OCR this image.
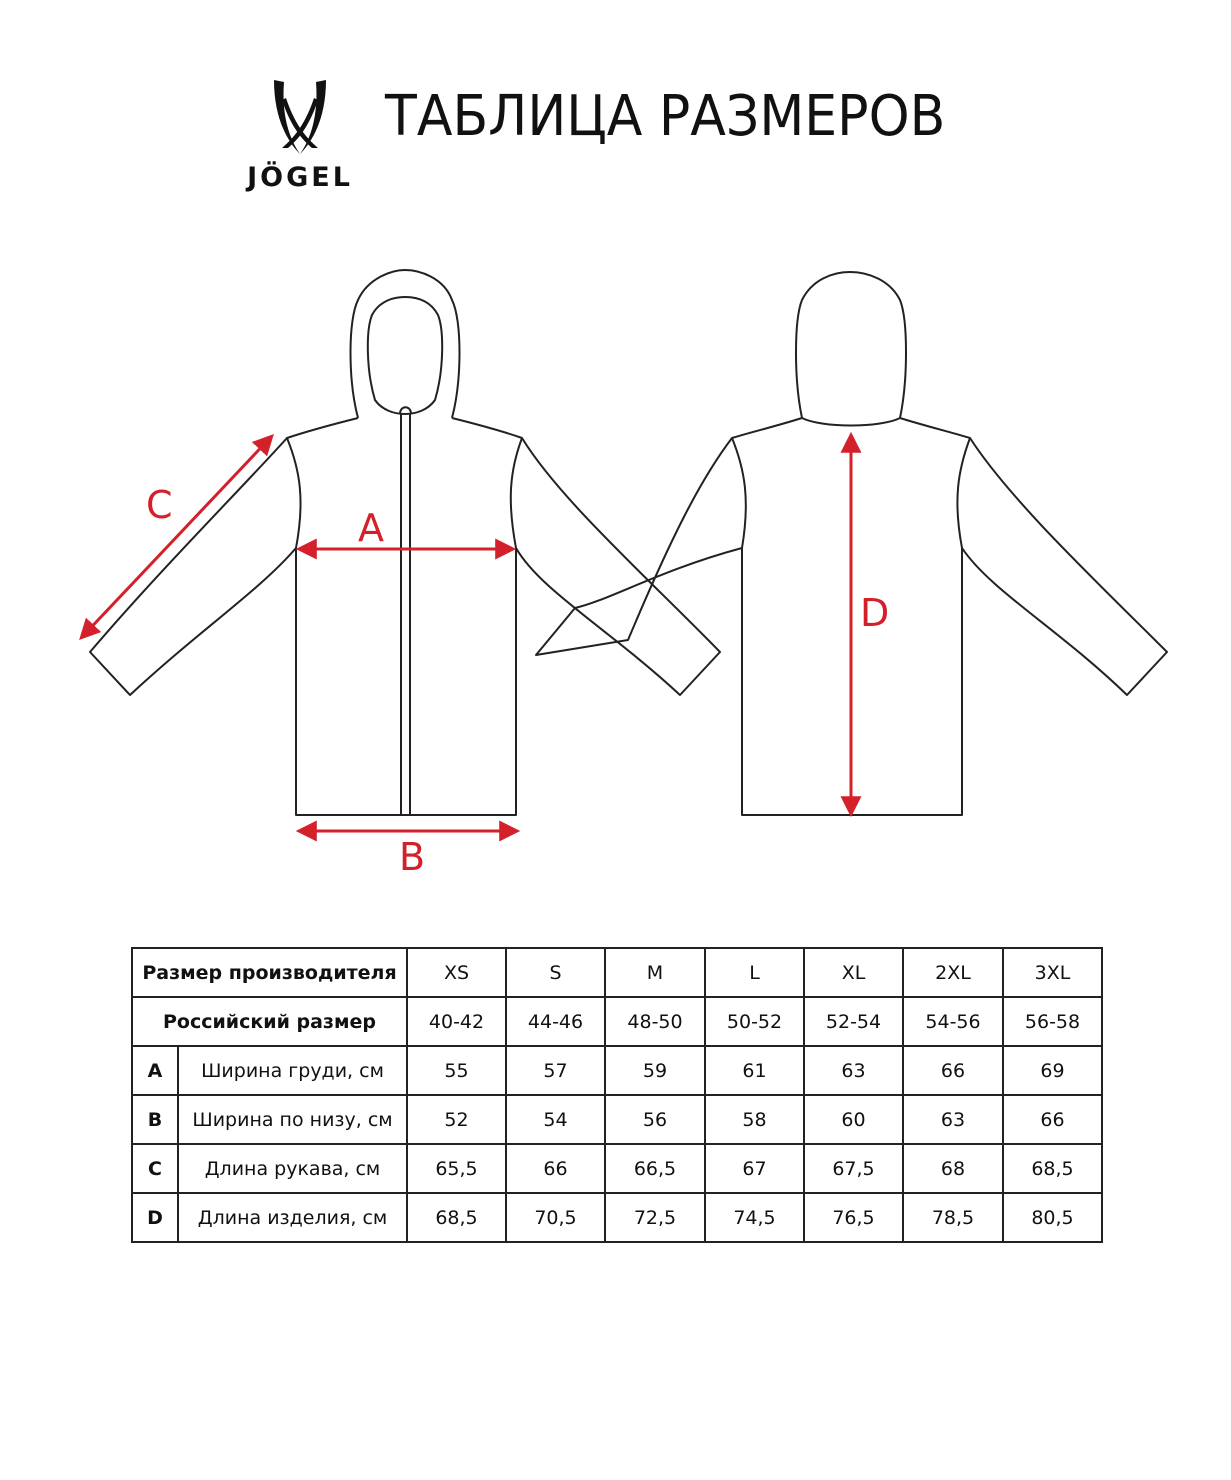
JÖGEL
ТАБЛИЦА РАЗМЕРОВ
A
B
C
D
Размер производителя		XS	S	M	L	XL	2XL	3XL
Российский размер		40-42	44-46	48-50	50-52	52-54	54-56	56-58
A	Ширина груди, см	55	57	59	61	63	66	69
B	Ширина по низу, см	52	54	56	58	60	63	66
C	Длина рукава, см	65,5	66	66,5	67	67,5	68	68,5
D	Длина изделия, см	68,5	70,5	72,5	74,5	76,5	78,5	80,5
